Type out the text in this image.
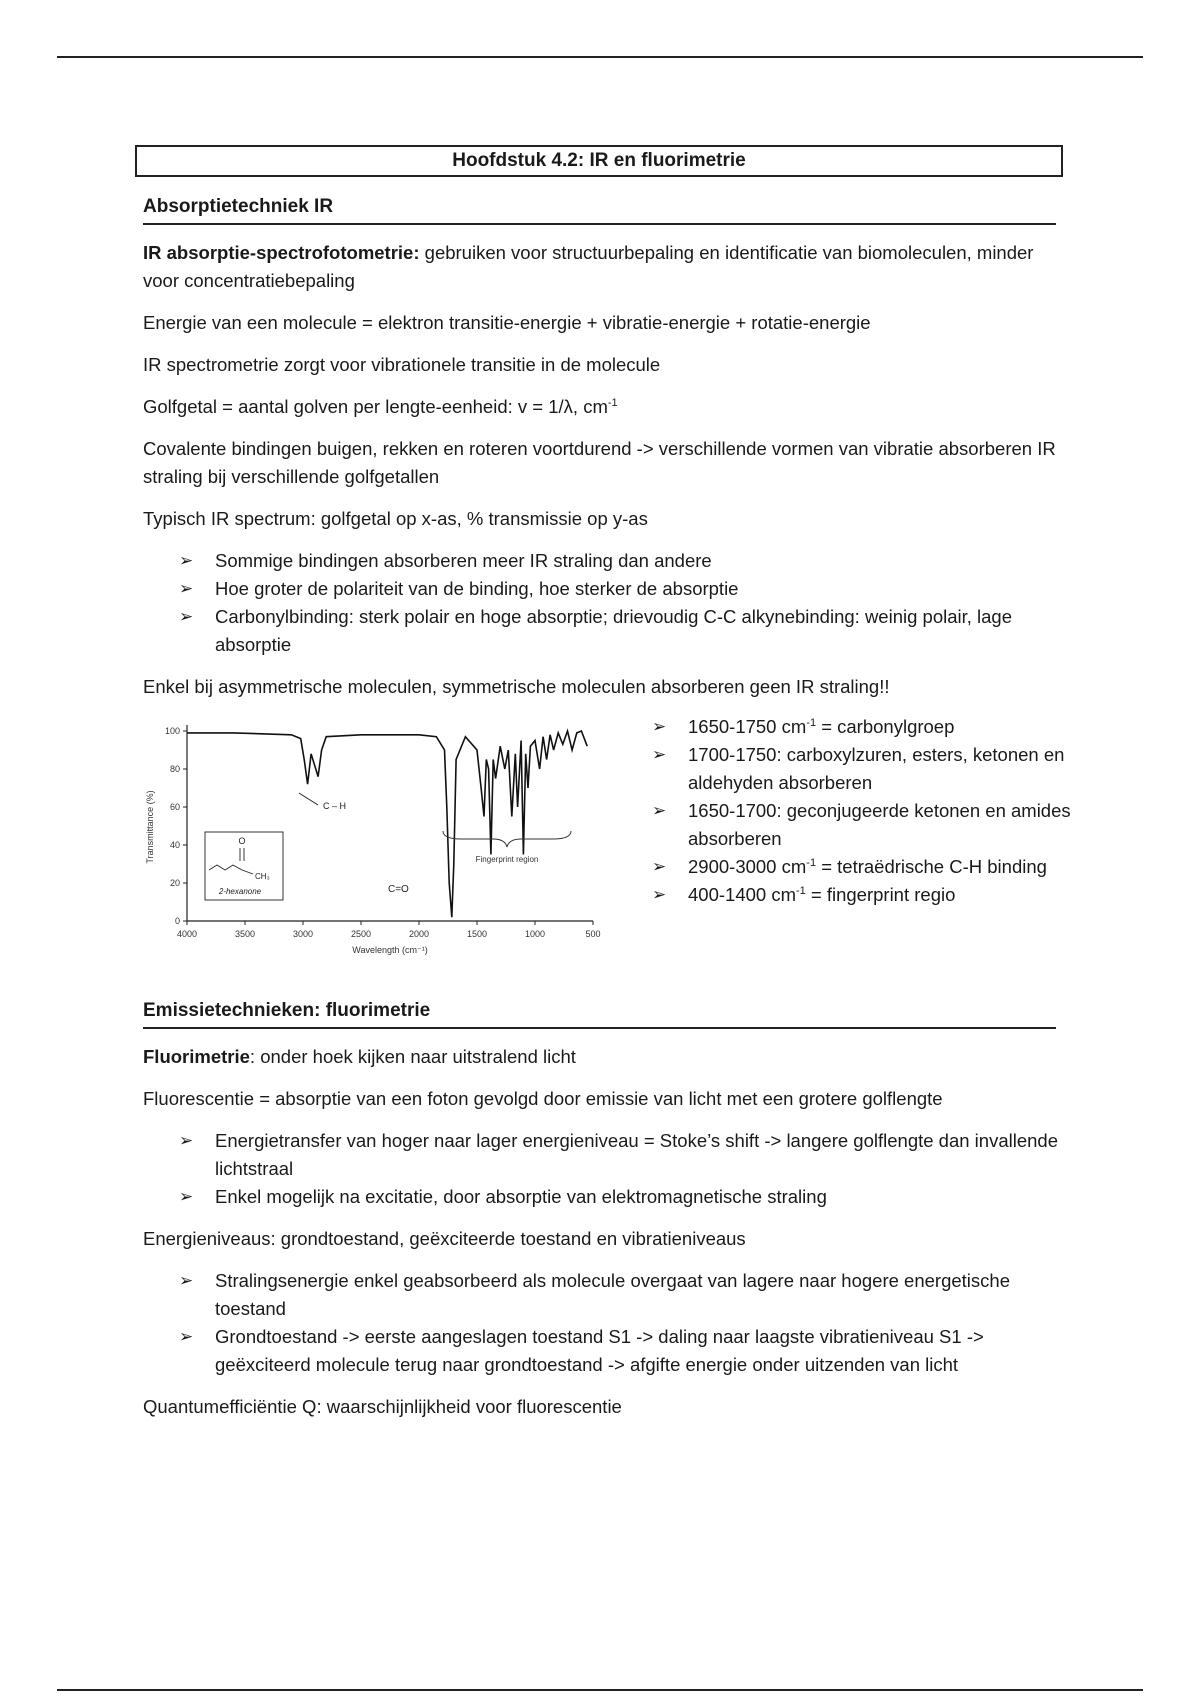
Hoofdstuk 4.2: IR en fluorimetrie
Absorptietechniek IR

IR absorptie-spectrofotometrie: gebruiken voor structuurbepaling en identificatie van biomoleculen, minder voor concentratiebepaling

Energie van een molecule = elektron transitie-energie + vibratie-energie + rotatie-energie

IR spectrometrie zorgt voor vibrationele transitie in de molecule

Golfgetal = aantal golven per lengte-eenheid: v = 1/λ, $cm^{-1}$

Covalente bindingen buigen, rekken en roteren voortdurend -> verschillende vormen van vibratie absorberen IR straling bij verschillende golfgetallen

Typisch IR spectrum: golfgetal op x-as, % transmissie op y-as

➢ Sommige bindingen absorberen meer IR straling dan andere
➢ Hoe groter de polariteit van de binding, hoe sterker de absorptie
➢ Carbonylbinding: sterk polair en hoge absorptie; drievoudig C-C alkynebinding: weinig polair, lage absorptie

Enkel bij asymmetrische moleculen, symmetrische moleculen absorberen geen IR straling!!

0
20
40
60
80
100
4000	3500	3000	2500	2000	1500	1000	500
Transmittance (%)
Wavelength (cm⁻¹)
C – H
C=O
Fingerprint region
O
CH₃
2-hexanone
➢ 1650-1750 $cm^{-1}$ = carbonylgroep
➢ 1700-1750: carboxylzuren, esters, ketonen en aldehyden absorberen
➢ 1650-1700: geconjugeerde ketonen en amides absorberen
➢ 2900-3000 $cm^{-1}$ = tetraëdrische C-H binding
➢ 400-1400 $cm^{-1}$ = fingerprint regio
Emissietechnieken: fluorimetrie

Fluorimetrie: onder hoek kijken naar uitstralend licht

Fluorescentie = absorptie van een foton gevolgd door emissie van licht met een grotere golflengte

➢ Energietransfer van hoger naar lager energieniveau = Stoke’s shift -> langere golflengte dan invallende lichtstraal
➢ Enkel mogelijk na excitatie, door absorptie van elektromagnetische straling

Energieniveaus: grondtoestand, geëxciteerde toestand en vibratieniveaus

➢ Stralingsenergie enkel geabsorbeerd als molecule overgaat van lagere naar hogere energetische toestand
➢ Grondtoestand -> eerste aangeslagen toestand S1 -> daling naar laagste vibratieniveau S1 -> geëxciteerd molecule terug naar grondtoestand -> afgifte energie onder uitzenden van licht

Quantumefficiëntie Q: waarschijnlijkheid voor fluorescentie
